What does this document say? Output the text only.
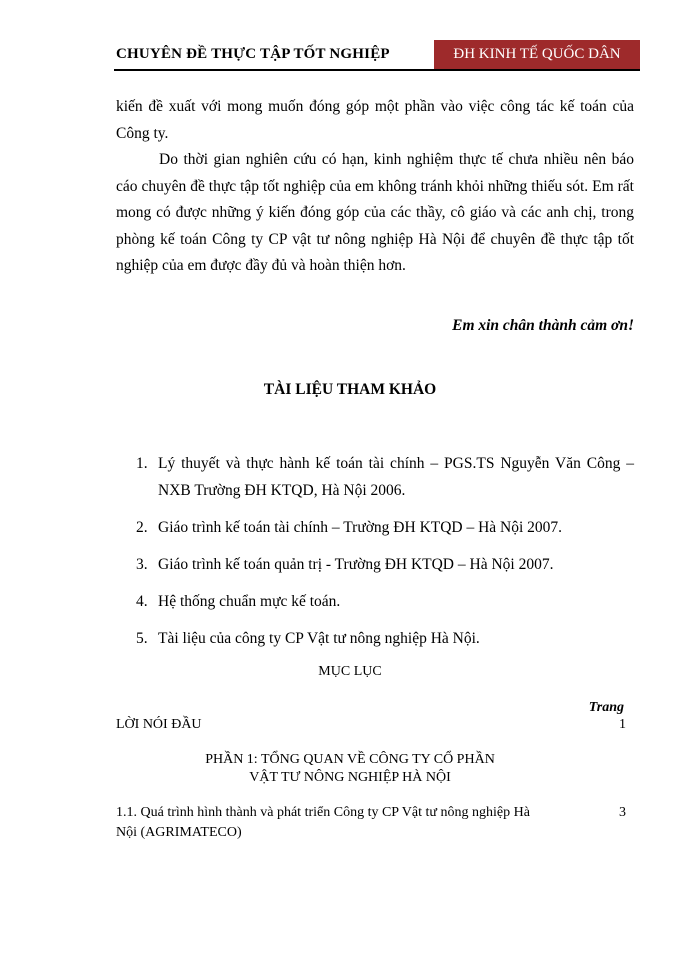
CHUYÊN ĐỀ THỰC TẬP TỐT NGHIỆP	ĐH KINH TẾ QUỐC DÂN
kiến đề xuất với mong muốn đóng góp một phần vào việc công tác kế toán của Công ty.
Do thời gian nghiên cứu có hạn, kinh nghiệm thực tế chưa nhiều nên báo cáo chuyên đề thực tập tốt nghiệp của em không tránh khỏi những thiếu sót. Em rất mong có được những ý kiến đóng góp của các thầy, cô giáo và các anh chị, trong phòng kế toán Công ty CP vật tư nông nghiệp Hà Nội để chuyên đề thực tập tốt nghiệp của em được đầy đủ và hoàn thiện hơn.
Em xin chân thành cảm ơn!
TÀI LIỆU THAM KHẢO
1. Lý thuyết và thực hành kế toán tài chính – PGS.TS Nguyễn Văn Công – NXB Trường ĐH KTQD, Hà Nội 2006.
2. Giáo trình kế toán tài chính – Trường ĐH KTQD – Hà Nội 2007.
3. Giáo trình kế toán quản trị - Trường ĐH KTQD – Hà Nội 2007.
4. Hệ thống chuẩn mực kế toán.
5. Tài liệu của công ty CP Vật tư nông nghiệp Hà Nội.
MỤC LỤC
Trang
LỜI NÓI ĐẦU	1
PHẦN 1: TỔNG QUAN VỀ CÔNG TY CỔ PHẦN
VẬT TƯ NÔNG NGHIỆP HÀ NỘI
1.1. Quá trình hình thành và phát triển Công ty CP Vật tư nông nghiệp Hà Nội (AGRIMATECO)
3
